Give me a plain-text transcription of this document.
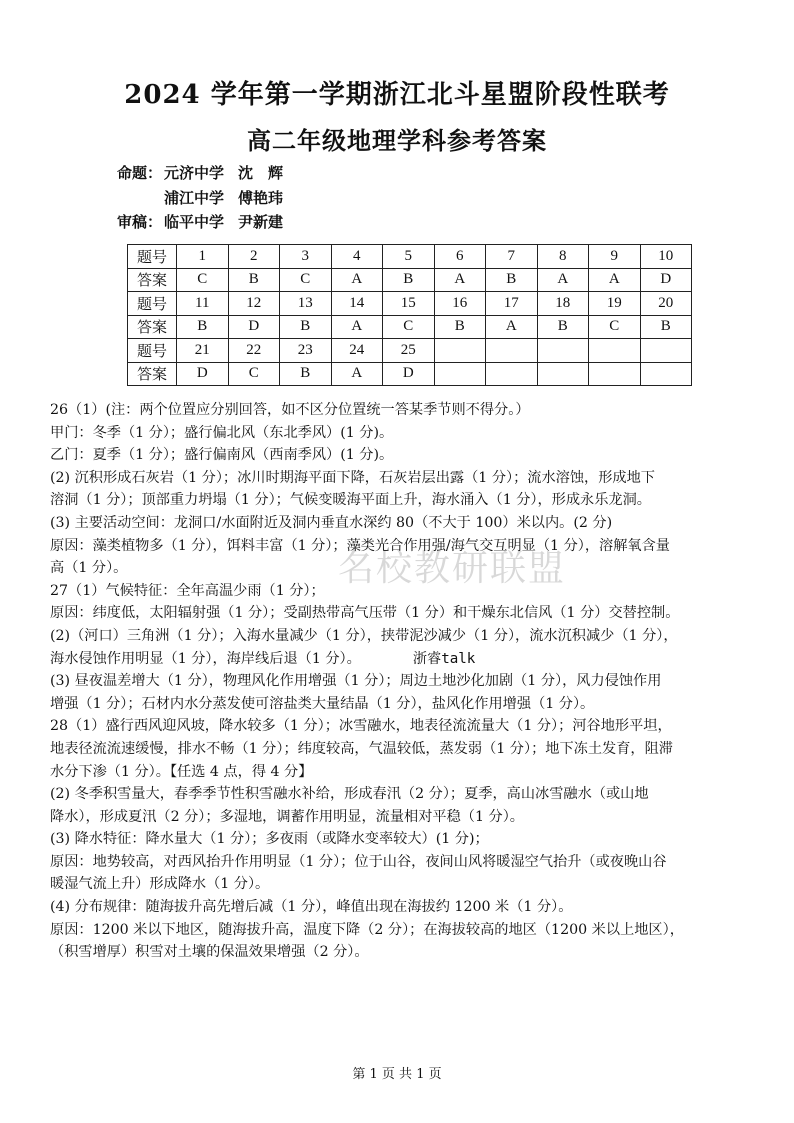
名校教研联盟
2024 学年第一学期浙江北斗星盟阶段性联考
高二年级地理学科参考答案
命题： 元济中学 沈　辉
浦江中学 傅艳玮
审稿： 临平中学 尹新建
题号	1	2	3	4	5	6	7	8	9	10
答案	C	B	C	A	B	A	B	A	A	D
题号	11	12	13	14	15	16	17	18	19	20
答案	B	D	B	A	C	B	A	B	C	B
题号	21	22	23	24	25					
答案	D	C	B	A	D					

26（1）(注：两个位置应分别回答，如不区分位置统一答某季节则不得分。）

甲门：冬季（1 分）；盛行偏北风（东北季风）(1 分)。

乙门：夏季（1 分）；盛行偏南风（西南季风）(1 分)。

(2) 沉积形成石灰岩（1 分）；冰川时期海平面下降，石灰岩层出露（1 分）；流水溶蚀，形成地下

溶洞（1 分）；顶部重力坍塌（1 分）；气候变暖海平面上升，海水涌入（1 分），形成永乐龙洞。

(3) 主要活动空间：龙洞口/水面附近及洞内垂直水深约 80（不大于 100）米以内。(2 分)

原因：藻类植物多（1 分），饵料丰富（1 分）；藻类光合作用强/海气交互明显（1 分），溶解氧含量

高（1 分）。

27（1）气候特征：全年高温少雨（1 分）；

原因：纬度低，太阳辐射强（1 分）；受副热带高气压带（1 分）和干燥东北信风（1 分）交替控制。

(2)（河口）三角洲（1 分）；入海水量减少（1 分），挟带泥沙减少（1 分），流水沉积减少（1 分），

海水侵蚀作用明显（1 分），海岸线后退（1 分）。	浙睿talk

(3) 昼夜温差增大（1 分），物理风化作用增强（1 分）；周边土地沙化加剧（1 分），风力侵蚀作用

增强（1 分）；石材内水分蒸发使可溶盐类大量结晶（1 分），盐风化作用增强（1 分）。

28（1）盛行西风迎风坡，降水较多（1 分）；冰雪融水，地表径流流量大（1 分）；河谷地形平坦，

地表径流流速缓慢，排水不畅（1 分）；纬度较高，气温较低，蒸发弱（1 分）；地下冻土发育，阻滞

水分下渗（1 分）。【任选 4 点，得 4 分】

(2) 冬季积雪量大，春季季节性积雪融水补给，形成春汛（2 分）；夏季，高山冰雪融水（或山地

降水），形成夏汛（2 分）；多湿地，调蓄作用明显，流量相对平稳（1 分）。

(3) 降水特征：降水量大（1 分）；多夜雨（或降水变率较大）(1 分)；

原因：地势较高，对西风抬升作用明显（1 分）；位于山谷，夜间山风将暖湿空气抬升（或夜晚山谷

暖湿气流上升）形成降水（1 分）。

(4) 分布规律：随海拔升高先增后减（1 分），峰值出现在海拔约 1200 米（1 分）。

原因：1200 米以下地区，随海拔升高，温度下降（2 分）；在海拔较高的地区（1200 米以上地区），

（积雪增厚）积雪对土壤的保温效果增强（2 分）。

第 1 页 共 1 页
